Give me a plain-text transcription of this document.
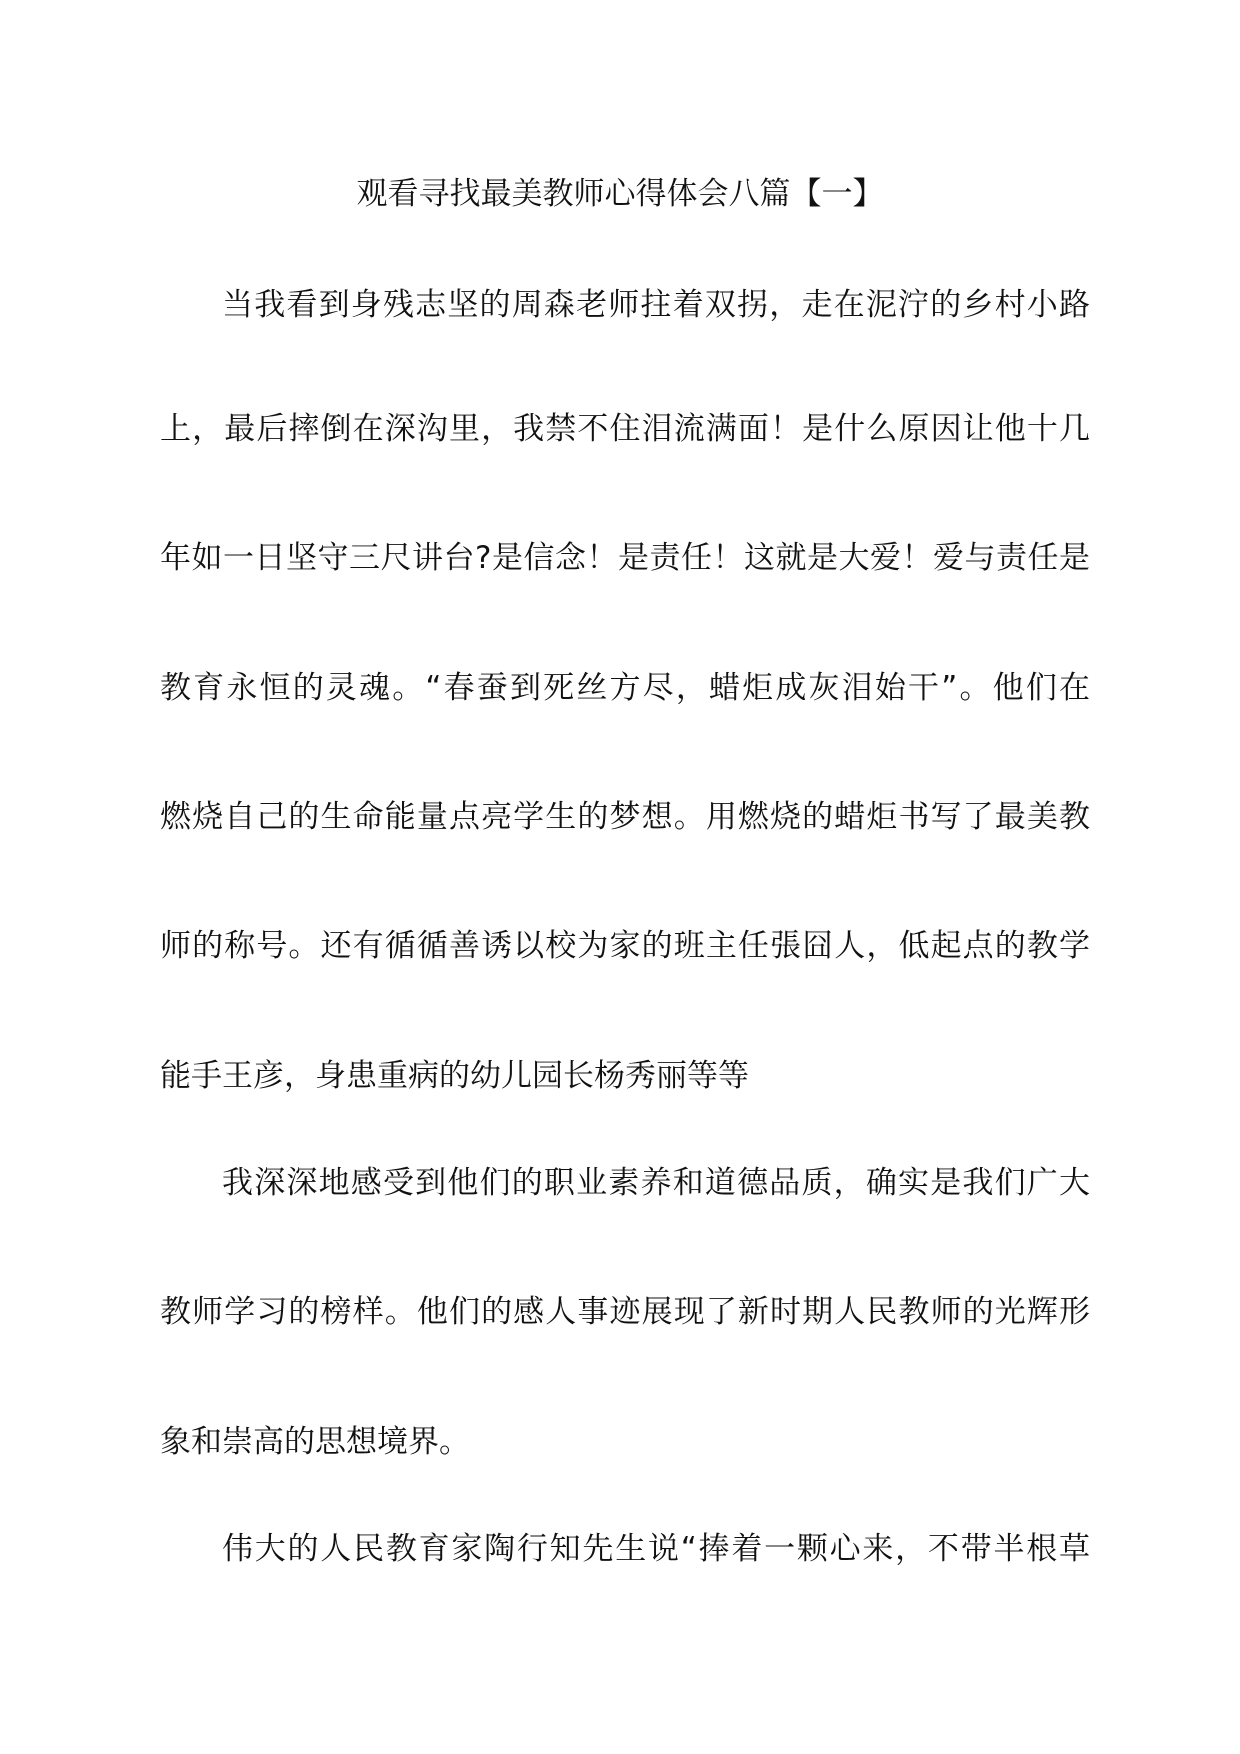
观看寻找最美教师心得体会八篇【一】
当我看到身残志坚的周森老师拄着双拐，走在泥泞的乡村小路
上，最后摔倒在深沟里，我禁不住泪流满面！是什么原因让他十几
年如一日坚守三尺讲台?是信念！是责任！这就是大爱！爱与责任是
教育永恒的灵魂。“春蚕到死丝方尽，蜡炬成灰泪始干”。他们在
燃烧自己的生命能量点亮学生的梦想。用燃烧的蜡炬书写了最美教
师的称号。还有循循善诱以校为家的班主任張囧人，低起点的教学
能手王彦，身患重病的幼儿园长杨秀丽等等
我深深地感受到他们的职业素养和道德品质，确实是我们广大
教师学习的榜样。他们的感人事迹展现了新时期人民教师的光辉形
象和崇高的思想境界。
伟大的人民教育家陶行知先生说“捧着一颗心来，不带半根草
